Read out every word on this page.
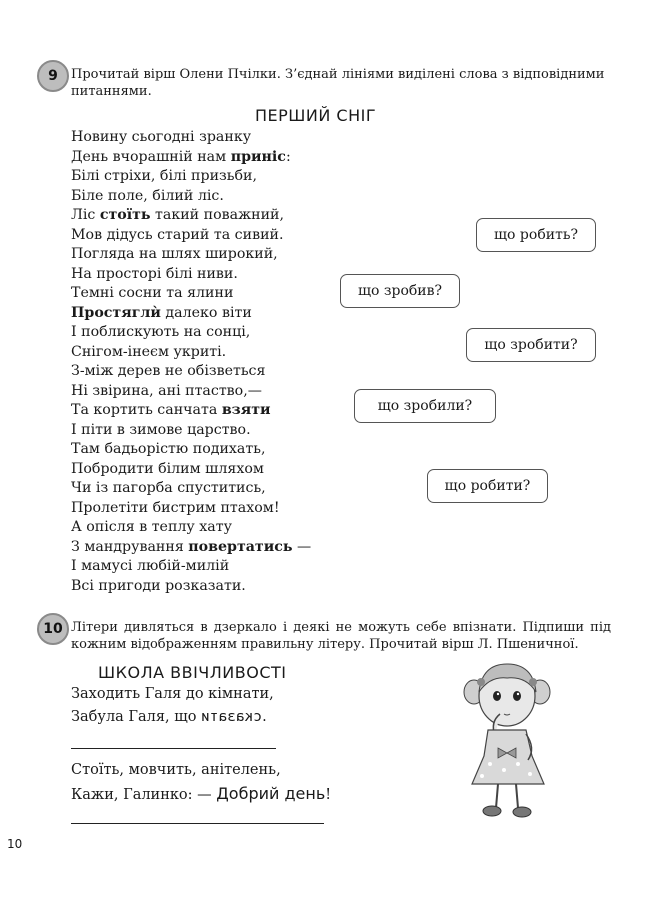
9 Прочитай вірш Олени Пчілки. З’єднай лініями виділені слова з відповідними
питаннями.
ПЕРШИЙ СНІГ
Новину сьогодні зранку
День вчорашній нам приніс:
Білі стріхи, білі призьби,
Біле поле, білий ліс.
Ліс стоїть такий поважний,
Мов дідусь старий та сивий.
Погляда на шлях широкий,
На просторі білі ниви.
Темні сосни та ялини
Простяглѝ далеко віти
І поблискують на сонці,
Снігом-інеєм укриті.
З-між дерев не обізветься
Ні звірина, ані птаство,—
Та кортить санчата взяти
І піти в зимове царство.
Там бадьорістю подихать,
Побродити білим шляхом
Чи із пагорба спуститись,
Пролетіти бистрим птахом!
А опісля в теплу хату
З мандрування повертатись —
І мамусі любій-милій
Всі пригоди розказати.
що робить?
що зробив?
що зробити?
що зробили?
що робити?
10 Літери дивляться в дзеркало і деякі не можуть себе впізнати. Підпиши під
кожним відображенням правильну літеру. Прочитай вірш Л. Пшеничної.
ШКОЛА ВВІЧЛИВОСТІ
Заходить Галя до кімнати,
Забула Галя, що сказати.
Стоїть, мовчить, анітелень,
Кажи, Галинко: — Добрий день!
10
